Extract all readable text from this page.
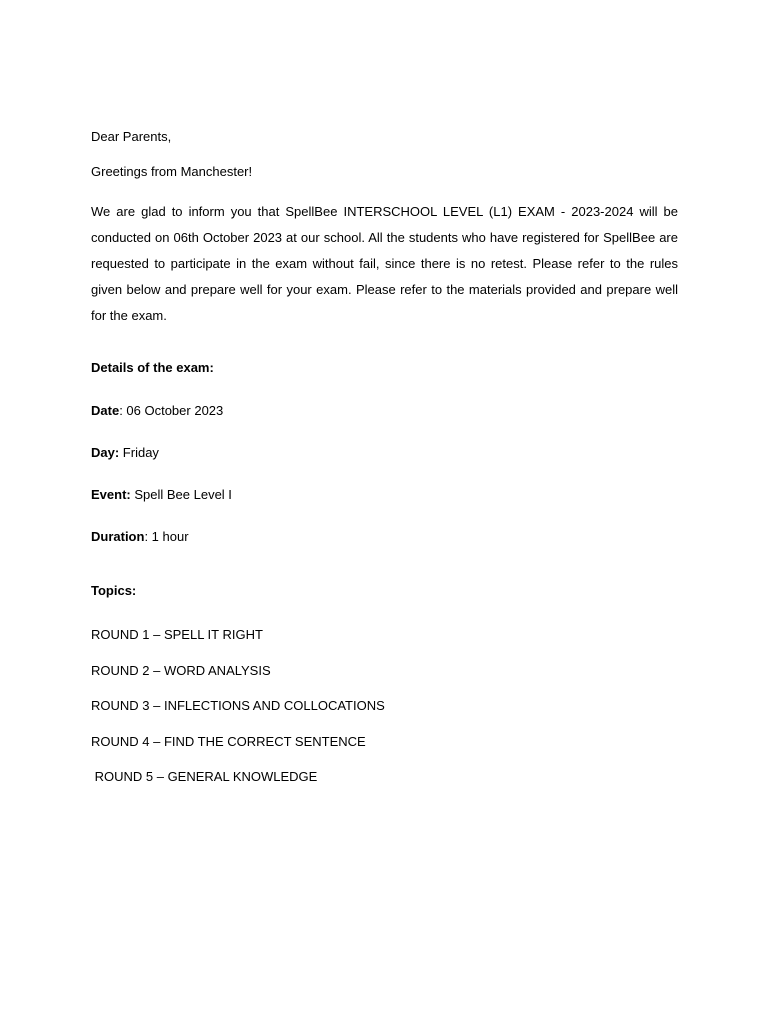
Dear Parents,

Greetings from Manchester!

We are glad to inform you that SpellBee INTERSCHOOL LEVEL (L1) EXAM - 2023-2024 will be conducted on 06th October 2023 at our school. All the students who have registered for SpellBee are requested to participate in the exam without fail, since there is no retest. Please refer to the rules given below and prepare well for your exam. Please refer to the materials provided and prepare well for the exam.

Details of the exam:

Date: 06 October 2023

Day: Friday

Event: Spell Bee Level I

Duration: 1 hour

Topics:

ROUND 1 – SPELL IT RIGHT

ROUND 2 – WORD ANALYSIS

ROUND 3 – INFLECTIONS AND COLLOCATIONS

ROUND 4 – FIND THE CORRECT SENTENCE

ROUND 5 – GENERAL KNOWLEDGE
